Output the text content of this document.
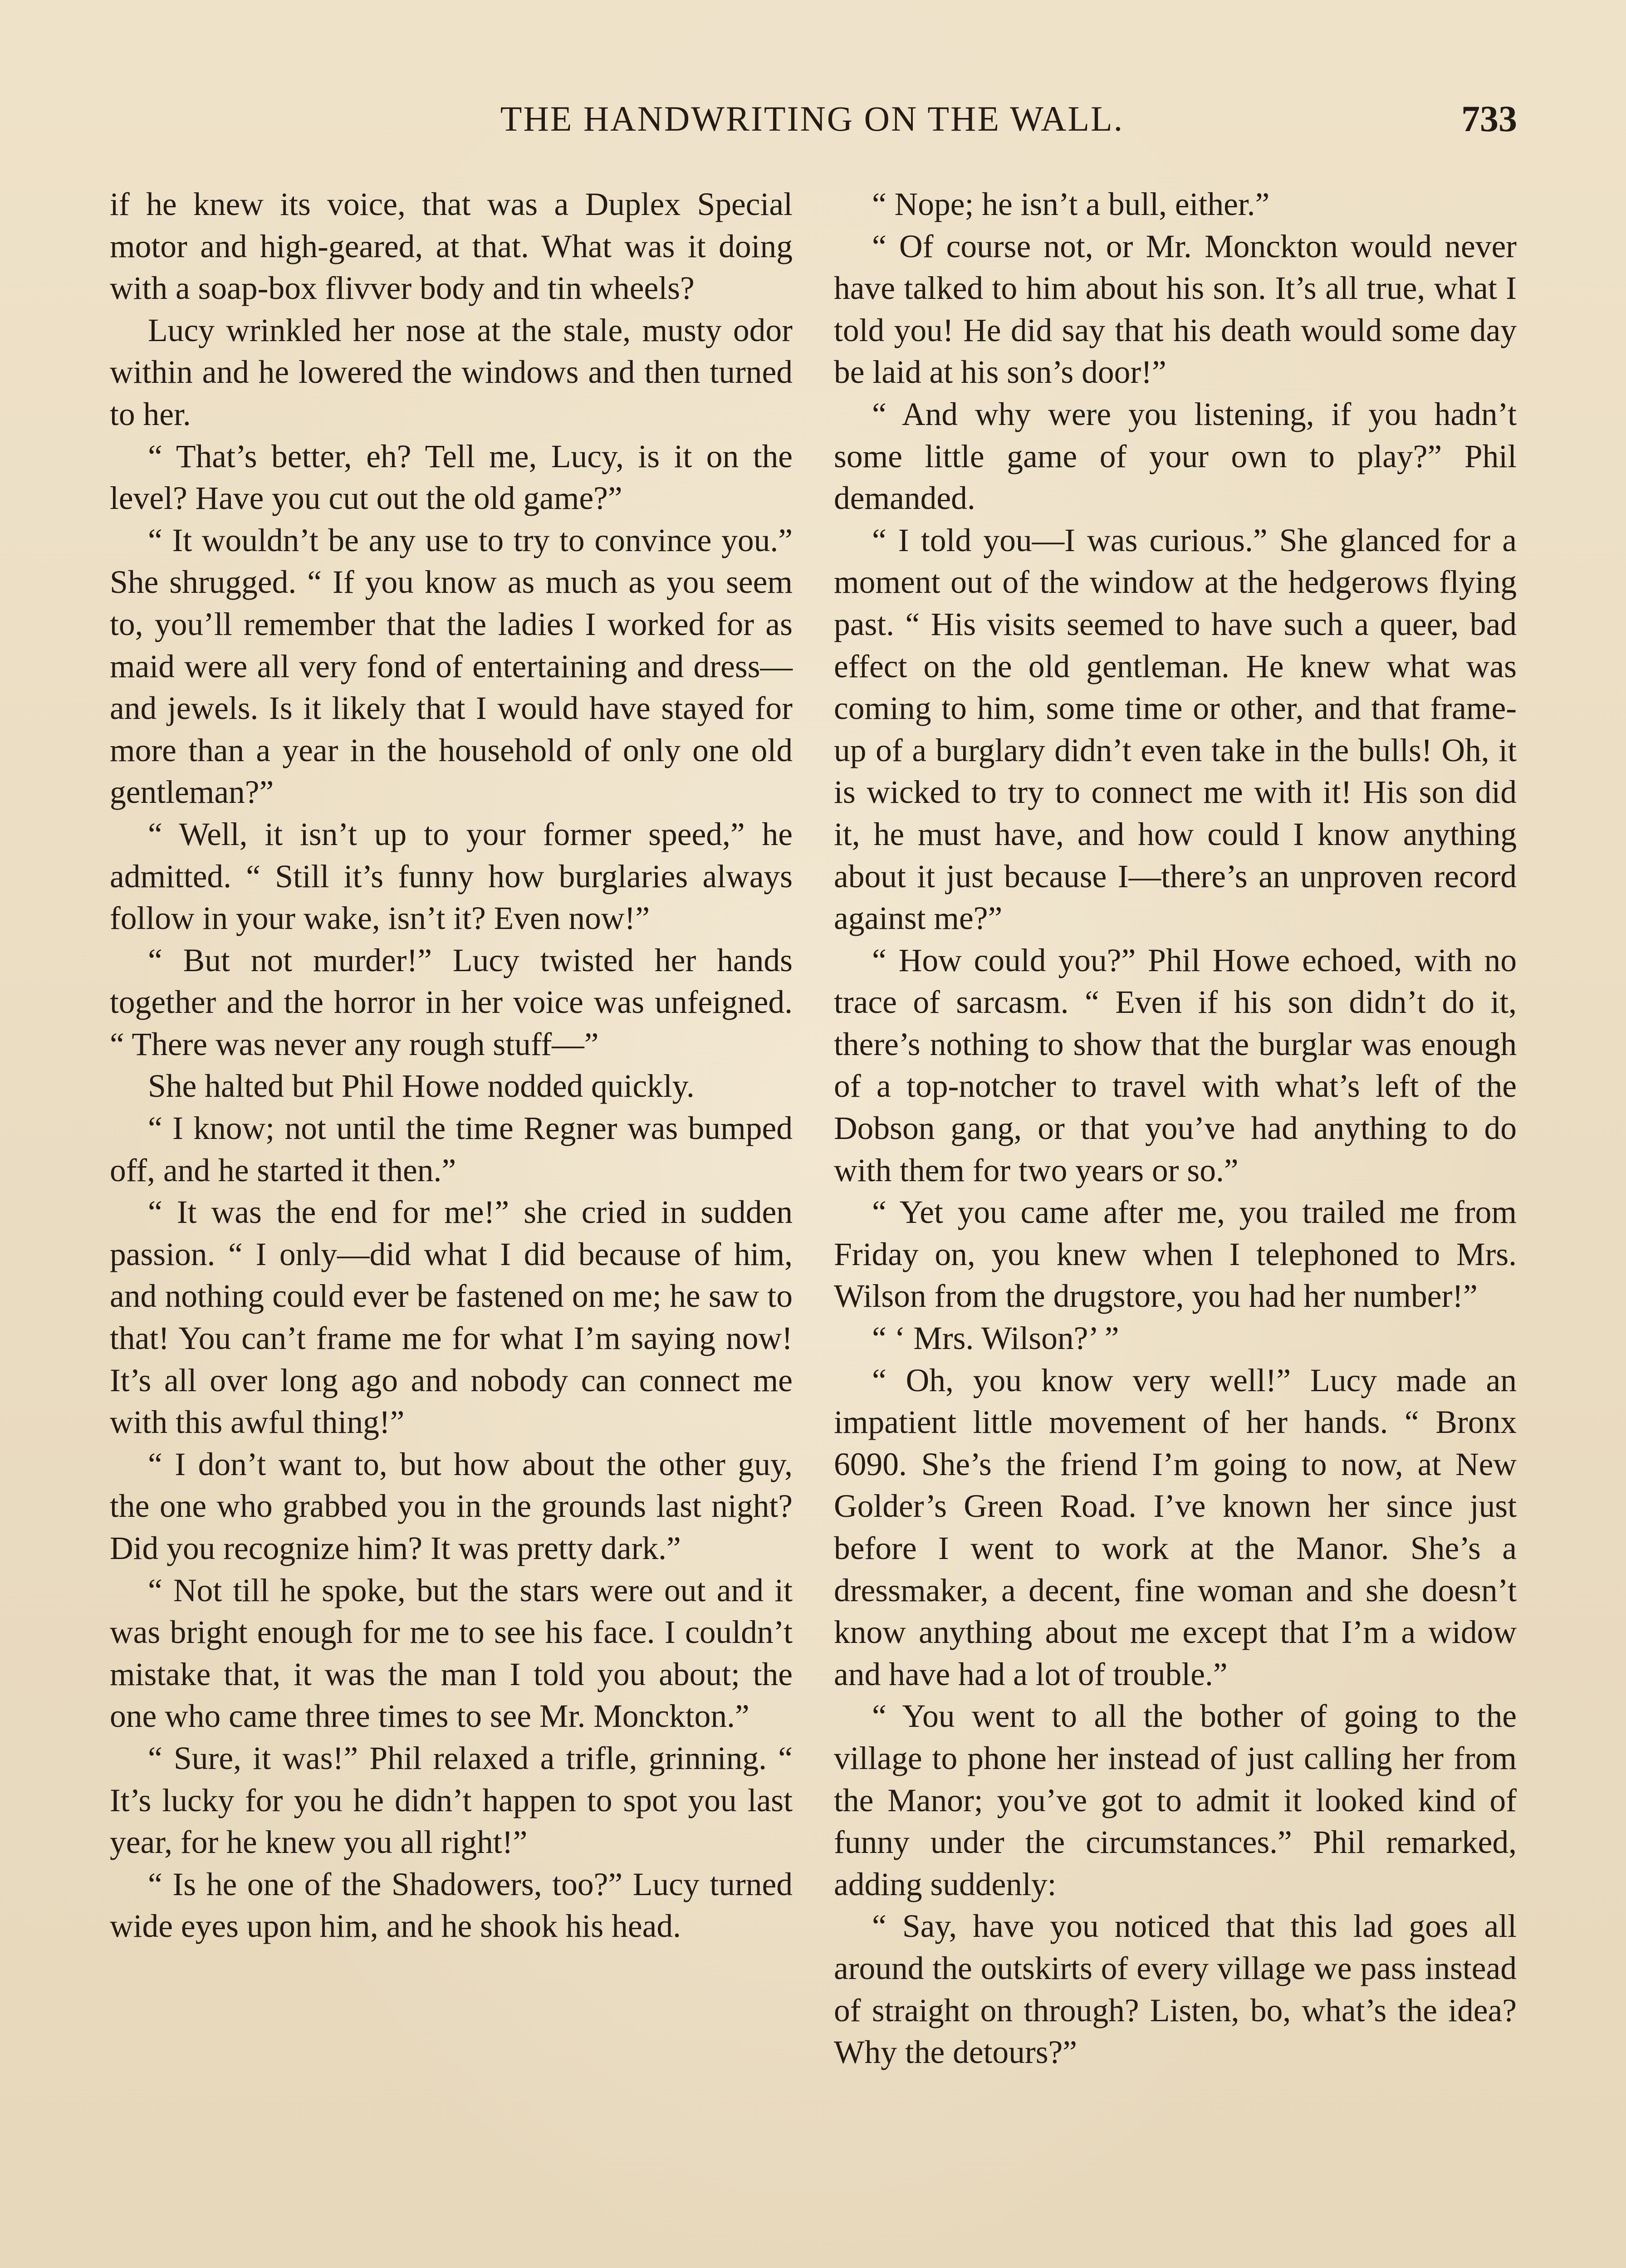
THE HANDWRITING ON THE WALL.	733

if he knew its voice, that was a Duplex Special motor and high-geared, at that. What was it doing with a soap-box flivver body and tin wheels?

Lucy wrinkled her nose at the stale, musty odor within and he lowered the windows and then turned to her.

“ That’s better, eh? Tell me, Lucy, is it on the level? Have you cut out the old game?”

“ It wouldn’t be any use to try to convince you.” She shrugged. “ If you know as much as you seem to, you’ll remember that the ladies I worked for as maid were all very fond of entertaining and dress—and jewels. Is it likely that I would have stayed for more than a year in the household of only one old gentleman?”

“ Well, it isn’t up to your former speed,” he admitted. “ Still it’s funny how burglaries always follow in your wake, isn’t it? Even now!”

“ But not murder!” Lucy twisted her hands together and the horror in her voice was unfeigned. “ There was never any rough stuff—”

She halted but Phil Howe nodded quickly.

“ I know; not until the time Regner was bumped off, and he started it then.”

“ It was the end for me!” she cried in sudden passion. “ I only—did what I did because of him, and nothing could ever be fastened on me; he saw to that! You can’t frame me for what I’m saying now! It’s all over long ago and nobody can connect me with this awful thing!”

“ I don’t want to, but how about the other guy, the one who grabbed you in the grounds last night? Did you recognize him? It was pretty dark.”

“ Not till he spoke, but the stars were out and it was bright enough for me to see his face. I couldn’t mistake that, it was the man I told you about; the one who came three times to see Mr. Monckton.”

“ Sure, it was!” Phil relaxed a trifle, grinning. “ It’s lucky for you he didn’t happen to spot you last year, for he knew you all right!”

“ Is he one of the Shadowers, too?” Lucy turned wide eyes upon him, and he shook his head.

“ Nope; he isn’t a bull, either.”

“ Of course not, or Mr. Monckton would never have talked to him about his son. It’s all true, what I told you! He did say that his death would some day be laid at his son’s door!”

“ And why were you listening, if you hadn’t some little game of your own to play?” Phil demanded.

“ I told you—I was curious.” She glanced for a moment out of the window at the hedgerows flying past. “ His visits seemed to have such a queer, bad effect on the old gentleman. He knew what was coming to him, some time or other, and that frame-up of a burglary didn’t even take in the bulls! Oh, it is wicked to try to connect me with it! His son did it, he must have, and how could I know anything about it just because I—there’s an unproven record against me?”

“ How could you?” Phil Howe echoed, with no trace of sarcasm. “ Even if his son didn’t do it, there’s nothing to show that the burglar was enough of a top-notcher to travel with what’s left of the Dobson gang, or that you’ve had anything to do with them for two years or so.”

“ Yet you came after me, you trailed me from Friday on, you knew when I telephoned to Mrs. Wilson from the drugstore, you had her number!”

“ ‘ Mrs. Wilson?’ ”

“ Oh, you know very well!” Lucy made an impatient little movement of her hands. “ Bronx 6090. She’s the friend I’m going to now, at New Golder’s Green Road. I’ve known her since just before I went to work at the Manor. She’s a dressmaker, a decent, fine woman and she doesn’t know anything about me except that I’m a widow and have had a lot of trouble.”

“ You went to all the bother of going to the village to phone her instead of just calling her from the Manor; you’ve got to admit it looked kind of funny under the circumstances.” Phil remarked, adding suddenly:

“ Say, have you noticed that this lad goes all around the outskirts of every village we pass instead of straight on through? Listen, bo, what’s the idea? Why the detours?”
